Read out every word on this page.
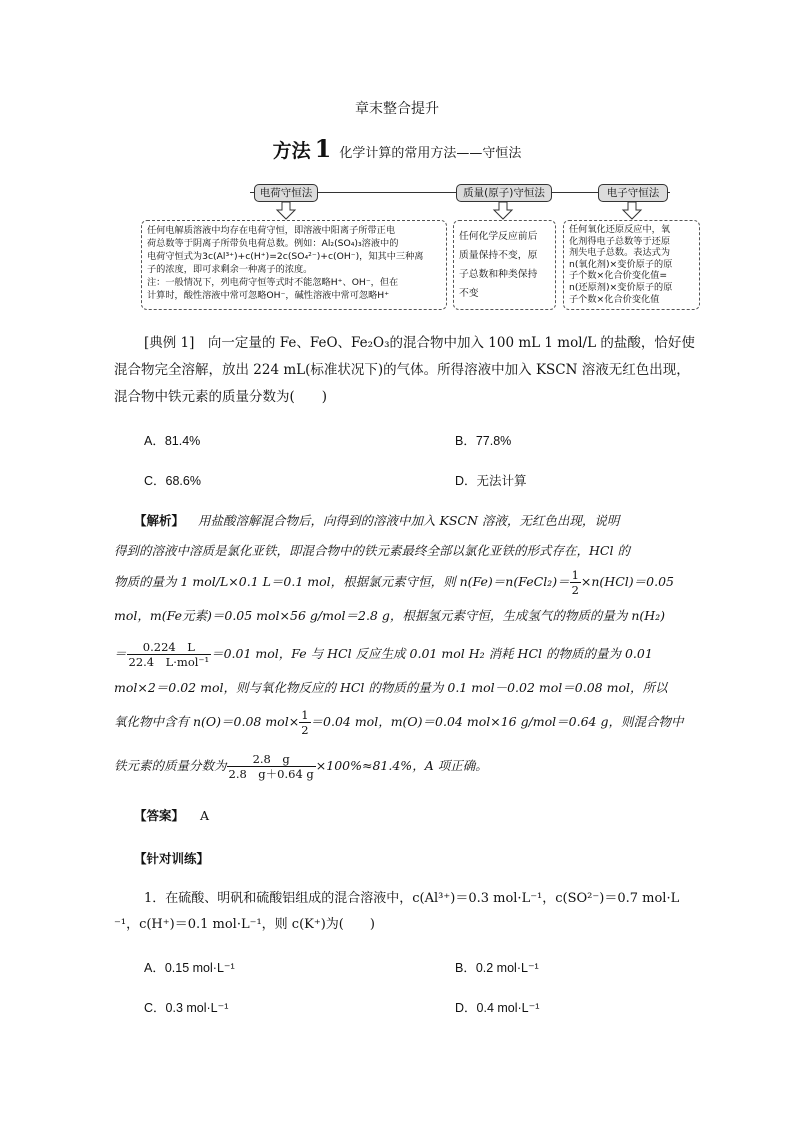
章末整合提升
方法 1 化学计算的常用方法——守恒法
电荷守恒法	质量(原子)守恒法	电子守恒法
任何电解质溶液中均存在电荷守恒，即溶液中阳离子所带正电
荷总数等于阴离子所带负电荷总数。例如：Al₂(SO₄)₃溶液中的
电荷守恒式为3c(Al³⁺)+c(H⁺)=2c(SO₄²⁻)+c(OH⁻)，知其中三种离
子的浓度，即可求剩余一种离子的浓度。
注：一般情况下，列电荷守恒等式时不能忽略H⁺、OH⁻，但在
计算时，酸性溶液中常可忽略OH⁻，碱性溶液中常可忽略H⁺
任何化学反应前后
质量保持不变，原
子总数和种类保持
不变
任何氧化还原反应中，氧
化剂得电子总数等于还原
剂失电子总数。表达式为
n(氧化剂)×变价原子的原
子个数×化合价变化值=
n(还原剂)×变价原子的原
子个数×化合价变化值
[典例 1]　向一定量的 Fe、FeO、Fe₂O₃的混合物中加入 100 mL 1 mol/L 的盐酸，恰好使
混合物完全溶解，放出 224 mL(标准状况下)的气体。所得溶液中加入 KSCN 溶液无红色出现，
混合物中铁元素的质量分数为(　　)
A．81.4%	B．77.8%
C．68.6%	D．无法计算
【解析】 用盐酸溶解混合物后，向得到的溶液中加入 KSCN 溶液，无红色出现，说明
得到的溶液中溶质是氯化亚铁，即混合物中的铁元素最终全部以氯化亚铁的形式存在，HCl 的
物质的量为 1 mol/L×0.1 L＝0.1 mol，根据氯元素守恒，则 n(Fe)＝n(FeCl₂)＝ $\frac{1}{2} \times n(HCl)=0.05$
mol，m(Fe元素)＝0.05 mol×56 g/mol＝2.8 g，根据氢元素守恒，生成氢气的物质的量为 n(H₂)
＝ $\frac{0.224 L}{\text{22.4　L·mol⁻¹}} =0.01$ mol，Fe 与 HCl 反应生成 0.01 mol H₂ 消耗 HCl 的物质的量为 0.01
mol×2＝0.02 mol，则与氧化物反应的 HCl 的物质的量为 0.1 mol－0.02 mol＝0.08 mol，所以
氧化物中含有 n(O)＝0.08 $mol\times \frac{1}{2} =0.04$ mol，m(O)＝0.04 mol×16 g/mol＝0.64 g，则混合物中
铁元素的质量分数为 $\frac{2.8 g}{2.8 g+0.64 g} \times 100\%\approx 81.4\%$，A 项正确。
【答案】 A
【针对训练】
1．在硫酸、明矾和硫酸铝组成的混合溶液中，c(Al³⁺)＝0.3 mol·L⁻¹，c(SO²⁻)＝0.7 mol·L
⁻¹，c(H⁺)＝0.1 mol·L⁻¹，则 c(K⁺)为(　　)
A．0.15 mol·L⁻¹	B．0.2 mol·L⁻¹
C．0.3 mol·L⁻¹	D．0.4 mol·L⁻¹
